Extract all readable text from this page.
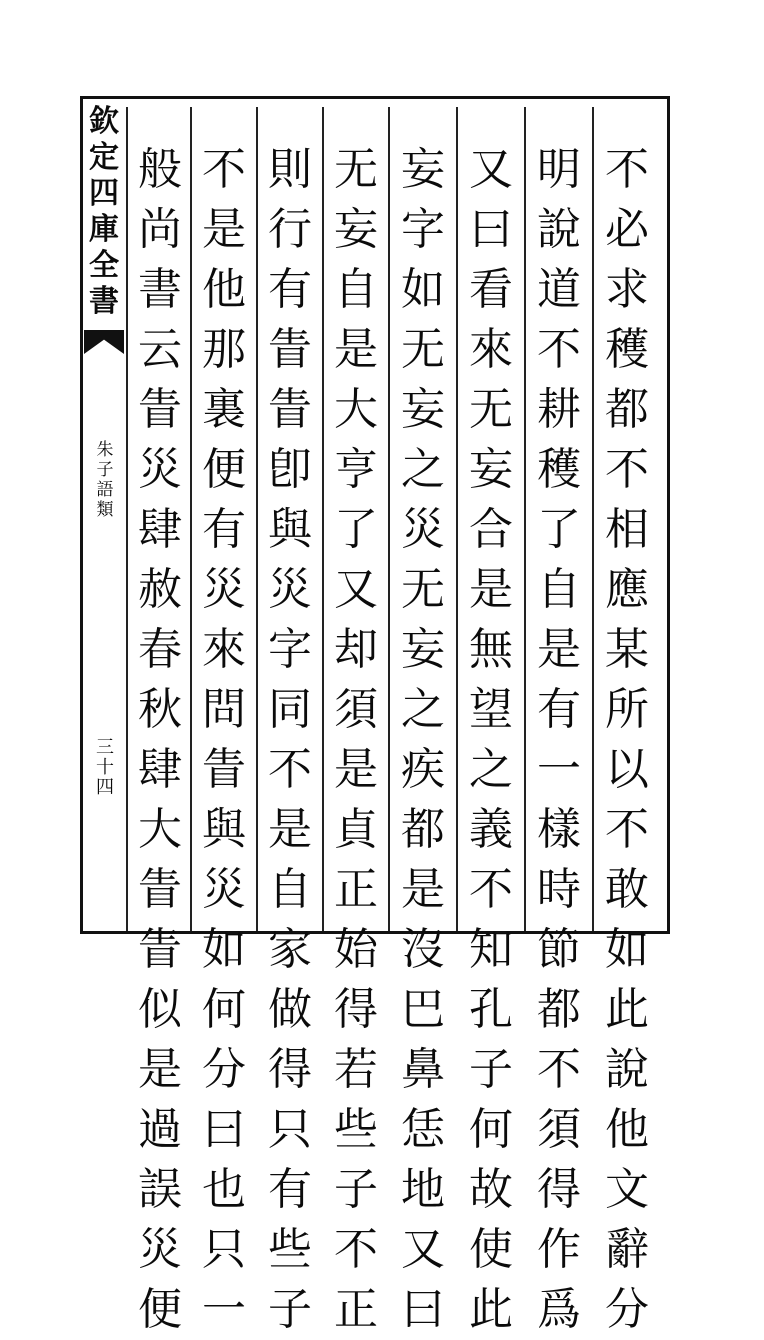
欽
定
四
庫
全
書
朱
子
語
類
三十四
不
必
求
穫
都
不
相
應
某
所
以
不
敢
如
此
說
他
文
辭
分
明
說
道
不
耕
穫
了
自
是
有
一
樣
時
節
都
不
須
得
作
爲
又
曰
看
來
无
妄
合
是
無
望
之
義
不
知
孔
子
何
故
使
此
妄
字
如
无
妄
之
災
无
妄
之
疾
都
是
沒
巴
鼻
恁
地
又
曰
无
妄
自
是
大
亨
了
又
却
須
是
貞
正
始
得
若
些
子
不
正
則
行
有
眚
眚
卽
與
災
字
同
不
是
自
家
做
得
只
有
些
子
不
是
他
那
裏
便
有
災
來
問
眚
與
災
如
何
分
曰
也
只
一
般
尚
書
云
眚
災
肆
赦
春
秋
肆
大
眚
眚
似
是
過
誤
災
便
